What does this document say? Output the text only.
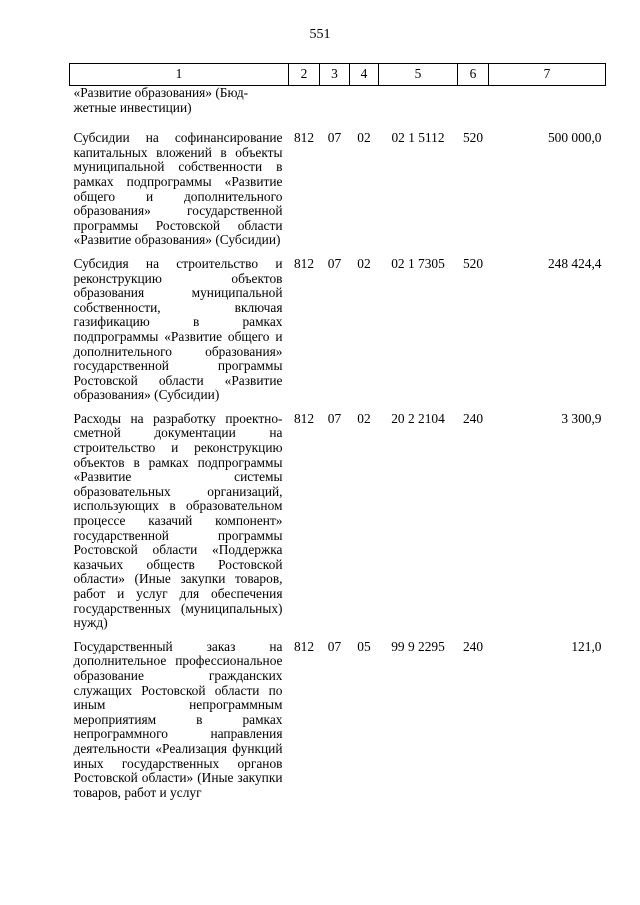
551
1	2	3	4	5	6	7
«Развитие образования» (Бюд-
жетные инвестиции)						
Субсидии на софинансирование капитальных вложений в объекты муниципальной собственности в рамках подпрограммы «Развитие общего и дополнительного образования» государственной программы Ростовской области «Развитие образования» (Субсидии)	812	07	02	02 1 5112	520	500 000,0
Субсидия на строительство и реконструкцию объектов образования муниципальной собственности, включая газификацию в рамках подпрограммы «Развитие общего и дополнительного образования» государственной программы Ростовской области «Развитие образования» (Субсидии)	812	07	02	02 1 7305	520	248 424,4
Расходы на разработку проектно-сметной документации на строительство и реконструкцию объектов в рамках подпрограммы «Развитие системы образовательных организаций, использующих в образовательном процессе казачий компонент» государственной программы Ростовской области «Поддержка казачьих обществ Ростовской области» (Иные закупки товаров, работ и услуг для обеспечения государственных (муниципальных) нужд)	812	07	02	20 2 2104	240	3 300,9
Государственный заказ на дополнительное профессиональное образование гражданских служащих Ростовской области по иным непрограммным мероприятиям в рамках непрограммного направления деятельности «Реализация функций иных государственных органов Ростовской области» (Иные закупки товаров, работ и услуг	812	07	05	99 9 2295	240	121,0
